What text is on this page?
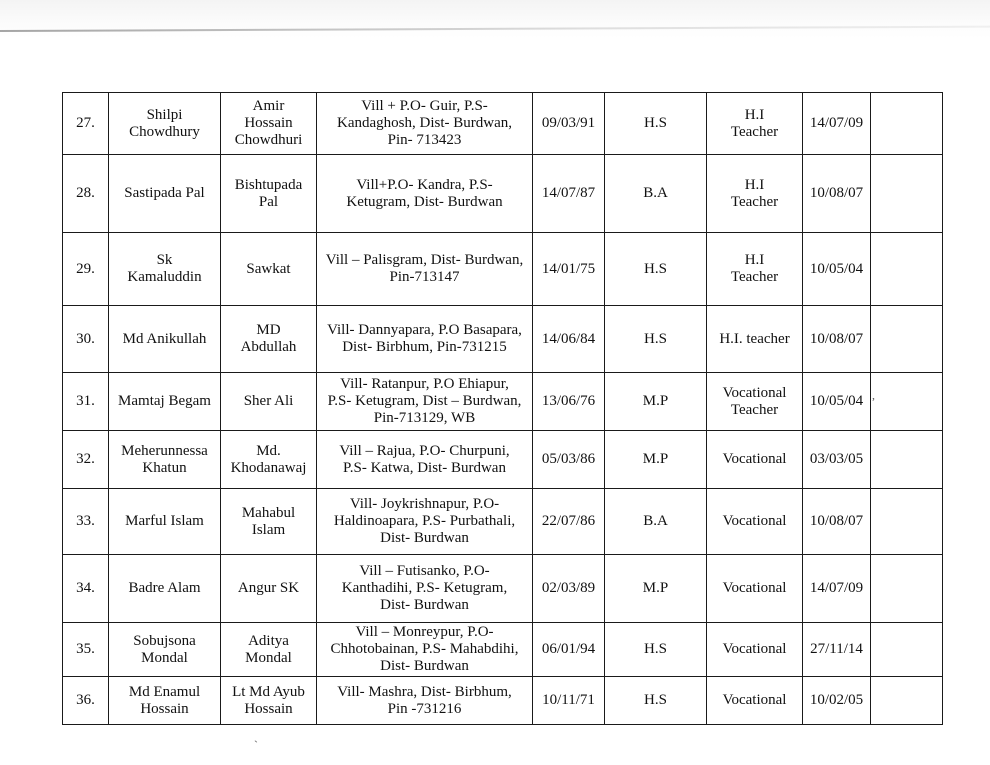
27.	Shilpi
Chowdhury	Amir
Hossain
Chowdhuri	Vill + P.O- Guir, P.S-
Kandaghosh, Dist- Burdwan,
Pin- 713423	09/03/91	H.S	H.I
Teacher	14/07/09	
28.	Sastipada Pal	Bishtupada
Pal	Vill+P.O- Kandra, P.S-
Ketugram, Dist- Burdwan	14/07/87	B.A	H.I
Teacher	10/08/07	
29.	Sk
Kamaluddin	Sawkat	Vill – Palisgram, Dist- Burdwan,
Pin-713147	14/01/75	H.S	H.I
Teacher	10/05/04	
30.	Md Anikullah	MD
Abdullah	Vill- Dannyapara, P.O Basapara,
Dist- Birbhum, Pin-731215	14/06/84	H.S	H.I. teacher	10/08/07	
31.	Mamtaj Begam	Sher Ali	Vill- Ratanpur, P.O Ehiapur,
P.S- Ketugram, Dist – Burdwan,
Pin-713129, WB	13/06/76	M.P	Vocational
Teacher	10/05/04	
32.	Meherunnessa
Khatun	Md.
Khodanawaj	Vill – Rajua, P.O- Churpuni,
P.S- Katwa, Dist- Burdwan	05/03/86	M.P	Vocational	03/03/05	
33.	Marful Islam	Mahabul
Islam	Vill- Joykrishnapur, P.O-
Haldinoapara, P.S- Purbathali,
Dist- Burdwan	22/07/86	B.A	Vocational	10/08/07	
34.	Badre Alam	Angur SK	Vill – Futisanko, P.O-
Kanthadihi, P.S- Ketugram,
Dist- Burdwan	02/03/89	M.P	Vocational	14/07/09	
35.	Sobujsona
Mondal	Aditya
Mondal	Vill – Monreypur, P.O-
Chhotobainan, P.S- Mahabdihi,
Dist- Burdwan	06/01/94	H.S	Vocational	27/11/14	
36.	Md Enamul
Hossain	Lt Md Ayub
Hossain	Vill- Mashra, Dist- Birbhum,
Pin -731216	10/11/71	H.S	Vocational	10/02/05	
`
,
